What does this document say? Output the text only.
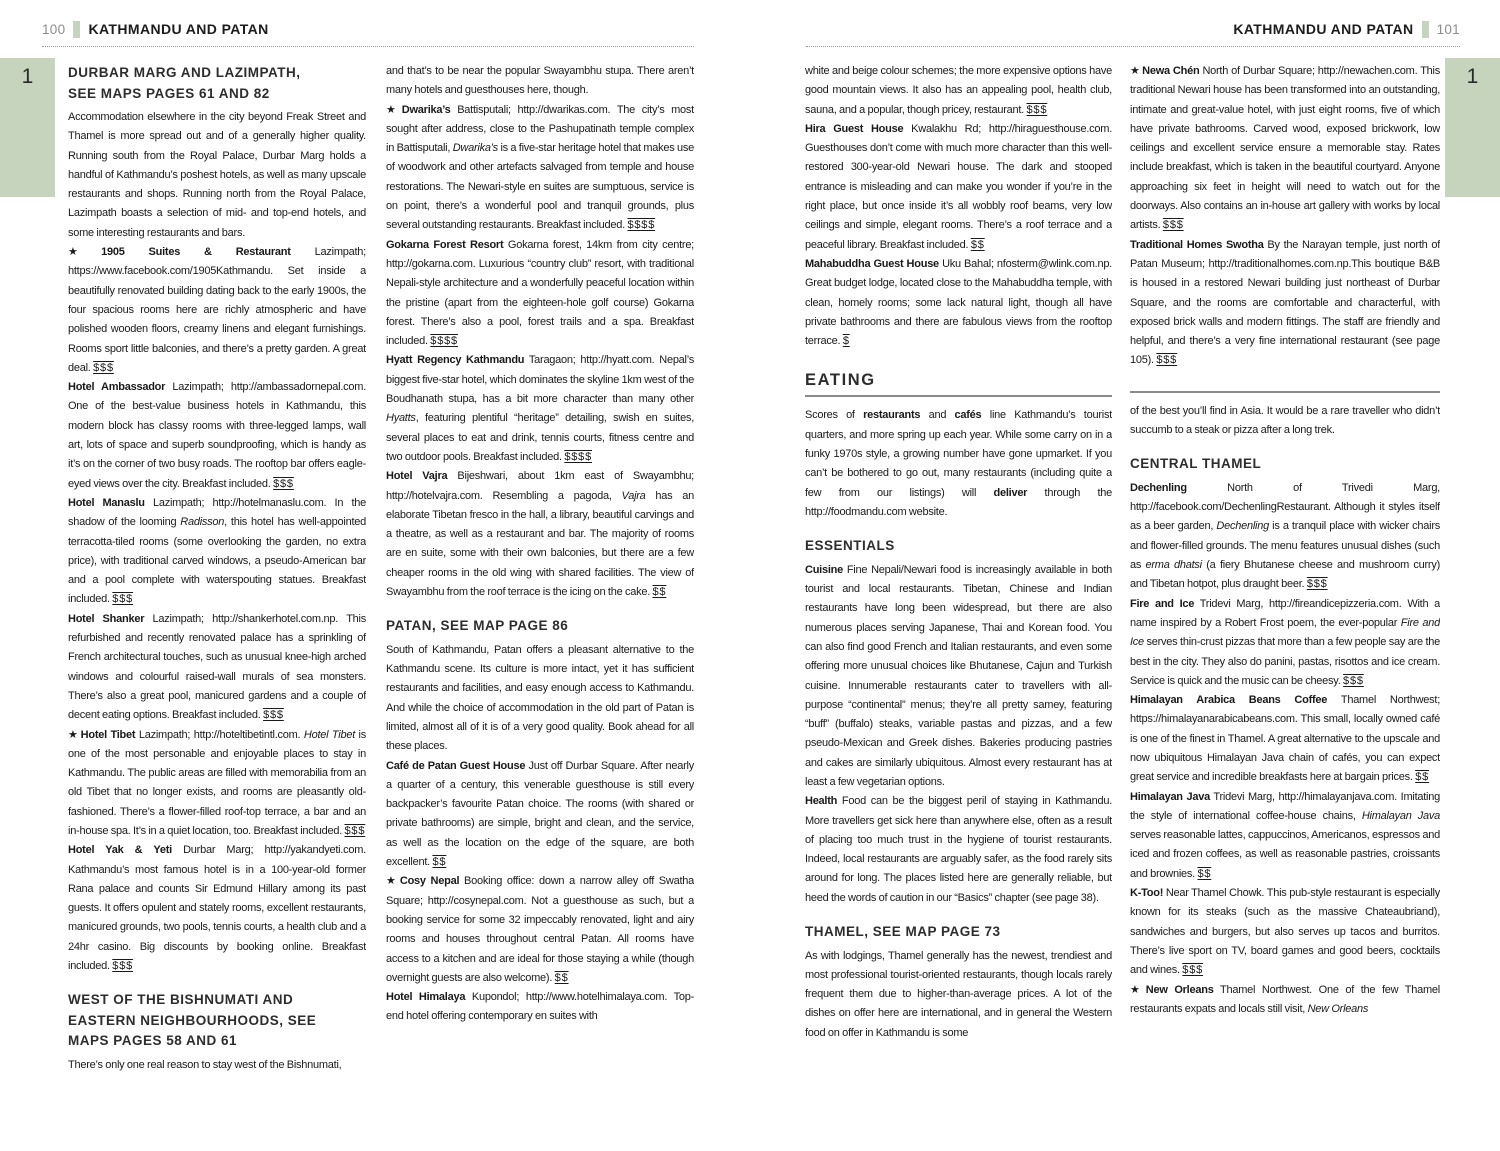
100 KATHMANDU AND PATAN
1	DURBAR MARG AND LAZIMPATH,
SEE MAPS PAGES 61 AND 82

Accommodation elsewhere in the city beyond Freak Street and Thamel is more spread out and of a generally higher quality. Running south from the Royal Palace, Durbar Marg holds a handful of Kathmandu’s poshest hotels, as well as many upscale restaurants and shops. Running north from the Royal Palace, Lazimpath boasts a selection of mid- and top-end hotels, and some interesting restaurants and bars.

★ 1905 Suites & Restaurant Lazimpath; https://www.facebook.com/1905Kathmandu. Set inside a beautifully renovated building dating back to the early 1900s, the four spacious rooms here are richly atmospheric and have polished wooden floors, creamy linens and elegant furnishings. Rooms sport little balconies, and there’s a pretty garden. A great deal. $$$

Hotel Ambassador Lazimpath; http://ambassadornepal.com. One of the best-value business hotels in Kathmandu, this modern block has classy rooms with three-legged lamps, wall art, lots of space and superb soundproofing, which is handy as it’s on the corner of two busy roads. The rooftop bar offers eagle-eyed views over the city. Breakfast included. $$$

Hotel Manaslu Lazimpath; http://hotelmanaslu.com. In the shadow of the looming Radisson, this hotel has well-appointed terracotta-tiled rooms (some overlooking the garden, no extra price), with traditional carved windows, a pseudo-American bar and a pool complete with waterspouting statues. Breakfast included. $$$

Hotel Shanker Lazimpath; http://shankerhotel.com.np. This refurbished and recently renovated palace has a sprinkling of French architectural touches, such as unusual knee-high arched windows and colourful raised-wall murals of sea monsters. There’s also a great pool, manicured gardens and a couple of decent eating options. Breakfast included. $$$

★ Hotel Tibet Lazimpath; http://hoteltibetintl.com. Hotel Tibet is one of the most personable and enjoyable places to stay in Kathmandu. The public areas are filled with memorabilia from an old Tibet that no longer exists, and rooms are pleasantly old-fashioned. There’s a flower-filled roof-top terrace, a bar and an in-house spa. It’s in a quiet location, too. Breakfast included. $$$

Hotel Yak & Yeti Durbar Marg; http://yakandyeti.com. Kathmandu’s most famous hotel is in a 100-year-old former Rana palace and counts Sir Edmund Hillary among its past guests. It offers opulent and stately rooms, excellent restaurants, manicured grounds, two pools, tennis courts, a health club and a 24hr casino. Big discounts by booking online. Breakfast included. $$$

WEST OF THE BISHNUMATI AND
EASTERN NEIGHBOURHOODS, SEE
MAPS PAGES 58 AND 61

There’s only one real reason to stay west of the Bishnumati,

and that’s to be near the popular Swayambhu stupa. There aren’t many hotels and guesthouses here, though.

★ Dwarika’s Battisputali; http://dwarikas.com. The city’s most sought after address, close to the Pashupatinath temple complex in Battisputali, Dwarika’s is a five-star heritage hotel that makes use of woodwork and other artefacts salvaged from temple and house restorations. The Newari-style en suites are sumptuous, service is on point, there’s a wonderful pool and tranquil grounds, plus several outstanding restaurants. Breakfast included. $$$$

Gokarna Forest Resort Gokarna forest, 14km from city centre; http://gokarna.com. Luxurious “country club” resort, with traditional Nepali-style architecture and a wonderfully peaceful location within the pristine (apart from the eighteen-hole golf course) Gokarna forest. There’s also a pool, forest trails and a spa. Breakfast included. $$$$

Hyatt Regency Kathmandu Taragaon; http://hyatt.com. Nepal’s biggest five-star hotel, which dominates the skyline 1km west of the Boudhanath stupa, has a bit more character than many other Hyatts, featuring plentiful “heritage” detailing, swish en suites, several places to eat and drink, tennis courts, fitness centre and two outdoor pools. Breakfast included. $$$$

Hotel Vajra Bijeshwari, about 1km east of Swayambhu; http://hotelvajra.com. Resembling a pagoda, Vajra has an elaborate Tibetan fresco in the hall, a library, beautiful carvings and a theatre, as well as a restaurant and bar. The majority of rooms are en suite, some with their own balconies, but there are a few cheaper rooms in the old wing with shared facilities. The view of Swayambhu from the roof terrace is the icing on the cake. $$

PATAN, SEE MAP PAGE 86

South of Kathmandu, Patan offers a pleasant alternative to the Kathmandu scene. Its culture is more intact, yet it has sufficient restaurants and facilities, and easy enough access to Kathmandu. And while the choice of accommodation in the old part of Patan is limited, almost all of it is of a very good quality. Book ahead for all these places.

Café de Patan Guest House Just off Durbar Square. After nearly a quarter of a century, this venerable guesthouse is still every backpacker’s favourite Patan choice. The rooms (with shared or private bathrooms) are simple, bright and clean, and the service, as well as the location on the edge of the square, are both excellent. $$

★ Cosy Nepal Booking office: down a narrow alley off Swatha Square; http://cosynepal.com. Not a guesthouse as such, but a booking service for some 32 impeccably renovated, light and airy rooms and houses throughout central Patan. All rooms have access to a kitchen and are ideal for those staying a while (though overnight guests are also welcome). $$

Hotel Himalaya Kupondol; http://www.hotelhimalaya.com. Top-end hotel offering contemporary en suites with

KATHMANDU AND PATAN 101
1

white and beige colour schemes; the more expensive options have good mountain views. It also has an appealing pool, health club, sauna, and a popular, though pricey, restaurant. $$$

Hira Guest House Kwalakhu Rd; http://hiraguesthouse.com. Guesthouses don’t come with much more character than this well-restored 300-year-old Newari house. The dark and stooped entrance is misleading and can make you wonder if you’re in the right place, but once inside it’s all wobbly roof beams, very low ceilings and simple, elegant rooms. There’s a roof terrace and a peaceful library. Breakfast included. $$

Mahabuddha Guest House Uku Bahal; nfosterm@wlink.com.np. Great budget lodge, located close to the Mahabuddha temple, with clean, homely rooms; some lack natural light, though all have private bathrooms and there are fabulous views from the rooftop terrace. $

EATING

Scores of restaurants and cafés line Kathmandu’s tourist quarters, and more spring up each year. While some carry on in a funky 1970s style, a growing number have gone upmarket. If you can’t be bothered to go out, many restaurants (including quite a few from our listings) will deliver through the http://foodmandu.com website.

ESSENTIALS

Cuisine Fine Nepali/Newari food is increasingly available in both tourist and local restaurants. Tibetan, Chinese and Indian restaurants have long been widespread, but there are also numerous places serving Japanese, Thai and Korean food. You can also find good French and Italian restaurants, and even some offering more unusual choices like Bhutanese, Cajun and Turkish cuisine. Innumerable restaurants cater to travellers with all-purpose “continental” menus; they’re all pretty samey, featuring “buff” (buffalo) steaks, variable pastas and pizzas, and a few pseudo-Mexican and Greek dishes. Bakeries producing pastries and cakes are similarly ubiquitous. Almost every restaurant has at least a few vegetarian options.

Health Food can be the biggest peril of staying in Kathmandu. More travellers get sick here than anywhere else, often as a result of placing too much trust in the hygiene of tourist restaurants. Indeed, local restaurants are arguably safer, as the food rarely sits around for long. The places listed here are generally reliable, but heed the words of caution in our “Basics” chapter (see page 38).

THAMEL, SEE MAP PAGE 73

As with lodgings, Thamel generally has the newest, trendiest and most professional tourist-oriented restaurants, though locals rarely frequent them due to higher-than-average prices. A lot of the dishes on offer here are international, and in general the Western food on offer in Kathmandu is some

★ Newa Chén North of Durbar Square; http://newachen.com. This traditional Newari house has been transformed into an outstanding, intimate and great-value hotel, with just eight rooms, five of which have private bathrooms. Carved wood, exposed brickwork, low ceilings and excellent service ensure a memorable stay. Rates include breakfast, which is taken in the beautiful courtyard. Anyone approaching six feet in height will need to watch out for the doorways. Also contains an in-house art gallery with works by local artists. $$$

Traditional Homes Swotha By the Narayan temple, just north of Patan Museum; http://traditionalhomes.com.np.This boutique B&B is housed in a restored Newari building just northeast of Durbar Square, and the rooms are comfortable and characterful, with exposed brick walls and modern fittings. The staff are friendly and helpful, and there’s a very fine international restaurant (see page 105). $$$

of the best you’ll find in Asia. It would be a rare traveller who didn’t succumb to a steak or pizza after a long trek.

CENTRAL THAMEL

Dechenling North of Trivedi Marg, http://facebook.com/DechenlingRestaurant. Although it styles itself as a beer garden, Dechenling is a tranquil place with wicker chairs and flower-filled grounds. The menu features unusual dishes (such as erma dhatsi (a fiery Bhutanese cheese and mushroom curry) and Tibetan hotpot, plus draught beer. $$$

Fire and Ice Tridevi Marg, http://fireandicepizzeria.com. With a name inspired by a Robert Frost poem, the ever-popular Fire and Ice serves thin-crust pizzas that more than a few people say are the best in the city. They also do panini, pastas, risottos and ice cream. Service is quick and the music can be cheesy. $$$

Himalayan Arabica Beans Coffee Thamel Northwest; https://himalayanarabicabeans.com. This small, locally owned café is one of the finest in Thamel. A great alternative to the upscale and now ubiquitous Himalayan Java chain of cafés, you can expect great service and incredible breakfasts here at bargain prices. $$

Himalayan Java Tridevi Marg, http://himalayanjava.com. Imitating the style of international coffee-house chains, Himalayan Java serves reasonable lattes, cappuccinos, Americanos, espressos and iced and frozen coffees, as well as reasonable pastries, croissants and brownies. $$

K-Too! Near Thamel Chowk. This pub-style restaurant is especially known for its steaks (such as the massive Chateaubriand), sandwiches and burgers, but also serves up tacos and burritos. There’s live sport on TV, board games and good beers, cocktails and wines. $$$

★ New Orleans Thamel Northwest. One of the few Thamel restaurants expats and locals still visit, New Orleans
